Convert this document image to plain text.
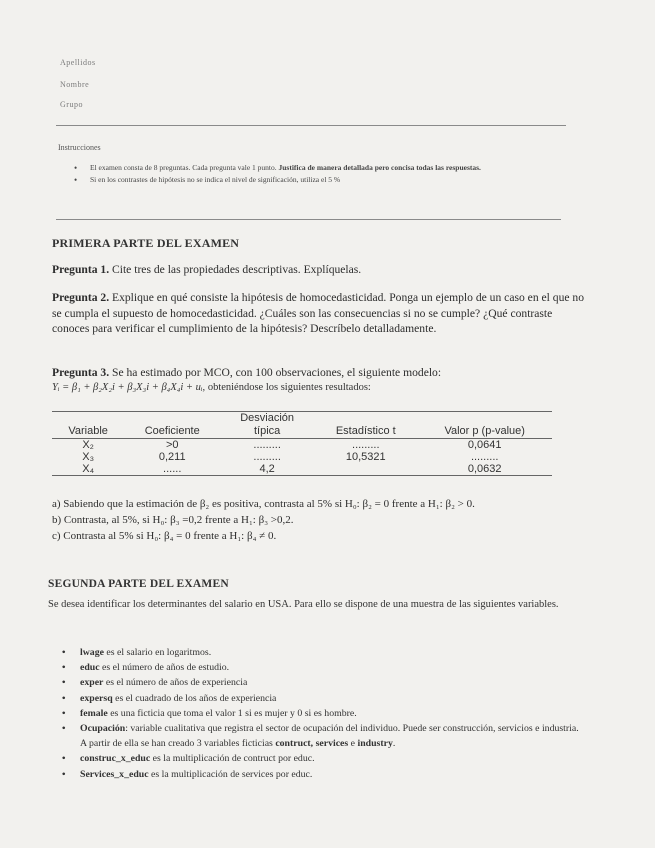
Apellidos
Nombre
Grupo
Instrucciones
• El examen consta de 8 preguntas. Cada pregunta vale 1 punto. Justifica de manera detallada pero concisa todas las respuestas.
• Si en los contrastes de hipótesis no se indica el nivel de significación, utiliza el 5 %
PRIMERA PARTE DEL EXAMEN
Pregunta 1. Cite tres de las propiedades descriptivas. Explíquelas.
Pregunta 2. Explique en qué consiste la hipótesis de homocedasticidad. Ponga un ejemplo de un caso en el que no se cumpla el supuesto de homocedasticidad. ¿Cuáles son las consecuencias si no se cumple? ¿Qué contraste conoces para verificar el cumplimiento de la hipótesis? Descríbelo detalladamente.
Pregunta 3. Se ha estimado por MCO, con 100 observaciones, el siguiente modelo:
Yᵢ = β₁ + β₂X₂i + β₃X₃i + β₄X₄i + uᵢ, obteniéndose los siguientes resultados:
		Desviación		
Variable	Coeficiente	típica	Estadístico t	Valor p (p-value)
X₂	>0	.........	.........	0,0641
X₃	0,211	.........	10,5321	.........
X₄	......	4,2		0,0632
a) Sabiendo que la estimación de β₂ es positiva, contrasta al 5% si H₀: β₂ = 0 frente a H₁: β₂ > 0.
b) Contrasta, al 5%, si H₀: β₃ =0,2 frente a H₁: β₃ >0,2.
c) Contrasta al 5% si H₀: β₄ = 0 frente a H₁: β₄ ≠ 0.
SEGUNDA PARTE DEL EXAMEN
Se desea identificar los determinantes del salario en USA. Para ello se dispone de una muestra de las siguientes variables.
• lwage es el salario en logaritmos.
• educ es el número de años de estudio.
• exper es el número de años de experiencia
• expersq es el cuadrado de los años de experiencia
• female es una ficticia que toma el valor 1 si es mujer y 0 si es hombre.
• Ocupación: variable cualitativa que registra el sector de ocupación del individuo. Puede ser construcción, servicios e industria. A partir de ella se han creado 3 variables ficticias contruct, services e industry.
• construc_x_educ es la multiplicación de contruct por educ.
• Services_x_educ es la multiplicación de services por educ.
